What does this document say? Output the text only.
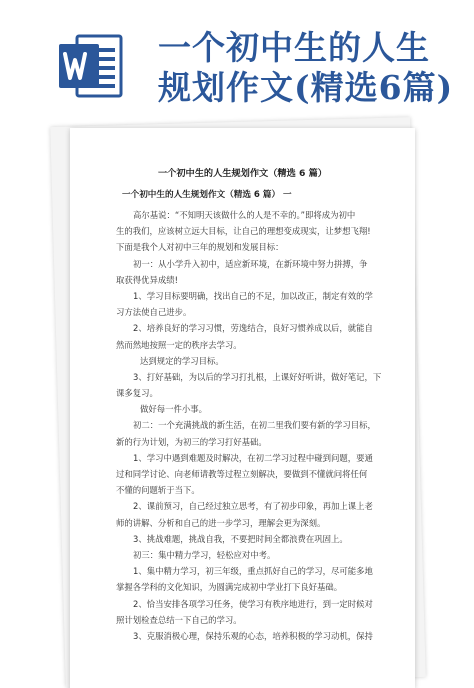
一个初中生的人生
规划作文(精选6篇)
一个初中生的人生规划作文（精选 6 篇）
一个初中生的人生规划作文（精选 6 篇） 一
高尔基说：“不知明天该做什么的人是不幸的。”即将成为初中
生的我们，应该树立远大目标，让自己的理想变成现实，让梦想飞翔!
下面是我个人对初中三年的规划和发展目标：
初一：从小学升入初中，适应新环境，在新环境中努力拼搏，争
取获得优异成绩!
1、学习目标要明确，找出自己的不足，加以改正，制定有效的学
习方法使自己进步。
2、培养良好的学习习惯，劳逸结合，良好习惯养成以后，就能自
然而然地按照一定的秩序去学习。
达到规定的学习目标。
3、打好基础，为以后的学习打扎根，上课好好听讲，做好笔记，下
课多复习。
做好每一件小事。
初二：一个充满挑战的新生活，在初二里我们要有新的学习目标，
新的行为计划，为初三的学习打好基础。
1、学习中遇到难题及时解决，在初二学习过程中碰到问题，要通
过和同学讨论、向老师请教等过程立刻解决，要做到不懂就问将任何
不懂的问题斩于当下。
2、课前预习，自己经过独立思考，有了初步印象，再加上课上老
师的讲解、分析和自己的进一步学习，理解会更为深刻。
3、挑战难题，挑战自我，不要把时间全都浪费在巩固上。
初三：集中精力学习，轻松应对中考。
1、集中精力学习，初三年级，重点抓好自己的学习，尽可能多地
掌握各学科的文化知识，为圆满完成初中学业打下良好基础。
2、恰当安排各项学习任务，使学习有秩序地进行，到一定时候对
照计划检查总结一下自己的学习。
3、克服消极心理，保持乐观的心态，培养积极的学习动机，保持
